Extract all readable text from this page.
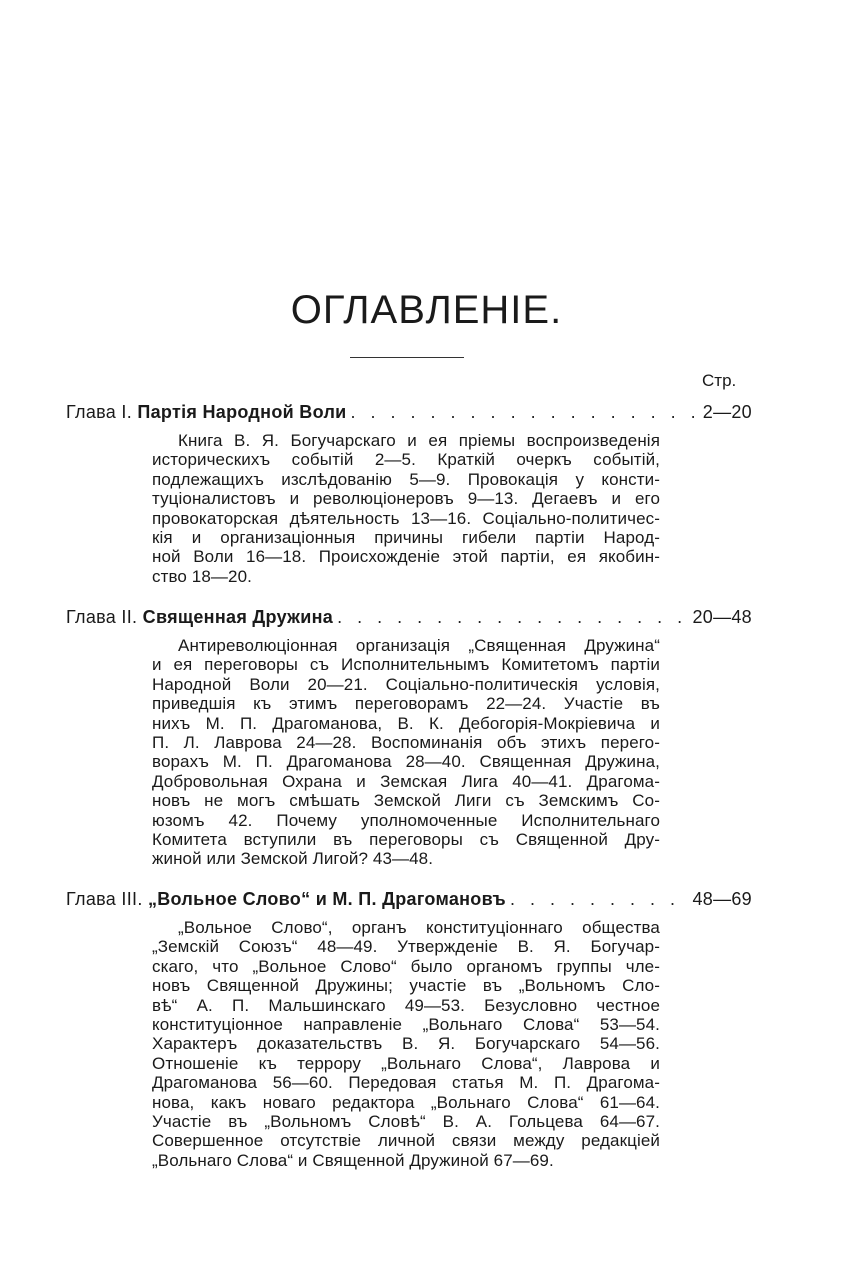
ОГЛАВЛЕНIЕ.
Стр.
Глава I.
Партiя Народной Воли . . .	2—20
Книга В. Я. Богучарскаго и ея прiемы воспроизведенiя
историческихъ событiй 2—5. Краткiй очеркъ событiй,
подлежащихъ изслѣдованiю 5—9. Провокацiя у консти-
туцiоналистовъ и революцiонеровъ 9—13. Дегаевъ и его
провокаторская дѣятельность 13—16. Соцiально-политичес-
кiя и организацiонныя причины гибели партiи Народ-
ной Воли 16—18. Происхожденiе этой партiи, ея якобин-
ство 18—20.
Глава II.
Священная Дружина . . .	20—48
Антиреволюцiонная организацiя „Священная Дружина“
и ея переговоры съ Исполнительнымъ Комитетомъ партiи
Народной Воли 20—21. Соцiально-политическiя условiя,
приведшiя къ этимъ переговорамъ 22—24. Участiе въ
нихъ М. П. Драгоманова, В. К. Дебогорiя-Мокрiевича и
П. Л. Лаврова 24—28. Воспоминанiя объ этихъ перего-
ворахъ М. П. Драгоманова 28—40. Священная Дружина,
Добровольная Охрана и Земская Лига 40—41. Драгома-
новъ не могъ смѣшать Земской Лиги съ Земскимъ Со-
юзомъ 42. Почему уполномоченные Исполнительнаго
Комитета вступили въ переговоры съ Священной Дру-
жиной или Земской Лигой? 43—48.
Глава III.
„Вольное Слово“ и М. П. Драгомановъ . . .	48—69
„Вольное Слово“, органъ конституцiоннаго общества
„Земскiй Союзъ“ 48—49. Утвержденiе В. Я. Богучар-
скаго, что „Вольное Слово“ было органомъ группы чле-
новъ Священной Дружины; участiе въ „Вольномъ Сло-
вѣ“ А. П. Мальшинскаго 49—53. Безусловно честное
конституцiонное направленiе „Вольнаго Слова“ 53—54.
Характеръ доказательствъ В. Я. Богучарскаго 54—56.
Отношенiе къ террору „Вольнаго Слова“, Лаврова и
Драгоманова 56—60. Передовая статья М. П. Драгома-
нова, какъ новаго редактора „Вольнаго Слова“ 61—64.
Участiе въ „Вольномъ Словѣ“ В. А. Гольцева 64—67.
Совершенное отсутствiе личной связи между редакцiей
„Вольнаго Слова“ и Священной Дружиной 67—69.
